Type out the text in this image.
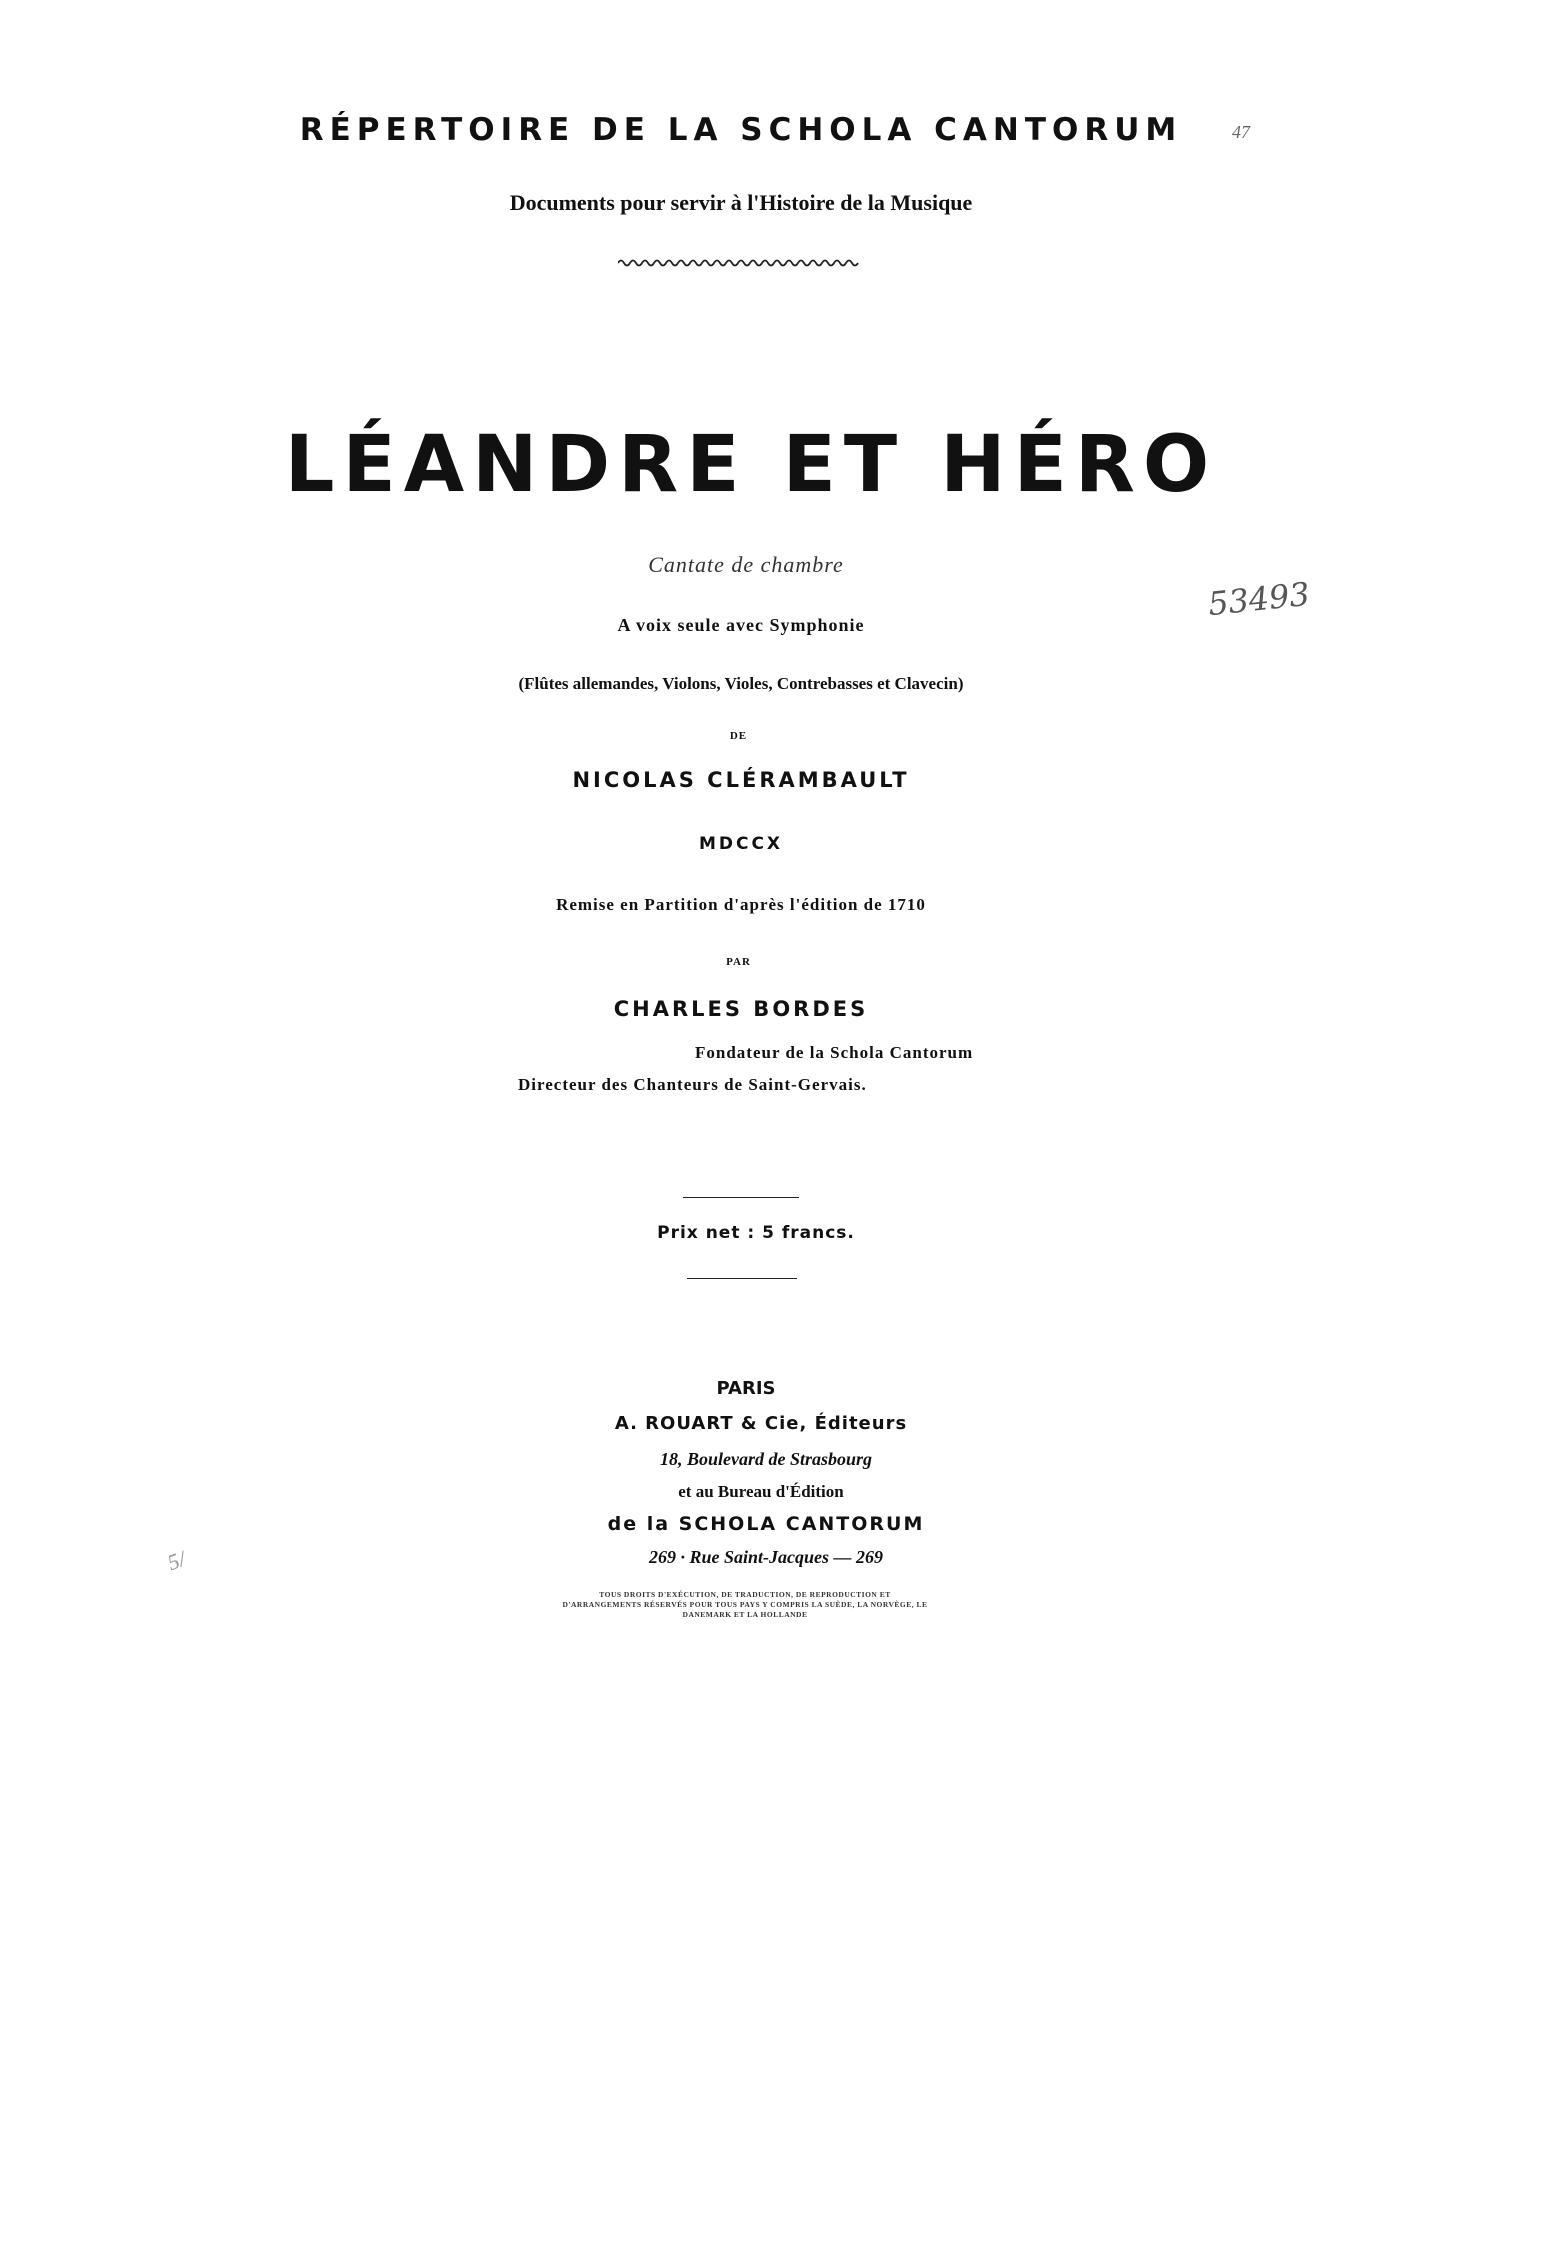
RÉPERTOIRE DE LA SCHOLA CANTORUM
Documents pour servir à l'Histoire de la Musique
LÉANDRE ET HÉRO
Cantate de chambre
A voix seule avec Symphonie
(Flûtes allemandes, Violons, Violes, Contrebasses et Clavecin)
DE
NICOLAS CLÉRAMBAULT
MDCCX
Remise en Partition d'après l'édition de 1710
PAR
CHARLES BORDES
Fondateur de la Schola Cantorum
Directeur des Chanteurs de Saint-Gervais.
Prix net : 5 francs.
PARIS
A. ROUART & Cie, Éditeurs
18, Boulevard de Strasbourg
et au Bureau d'Édition
de la SCHOLA CANTORUM
269 · Rue Saint-Jacques — 269
TOUS DROITS D'EXÉCUTION, DE TRADUCTION, DE REPRODUCTION ET D'ARRANGEMENTS RÉSERVÉS POUR TOUS PAYS Y COMPRIS LA SUÈDE, LA NORVÈGE, LE DANEMARK ET LA HOLLANDE
53493
47
5/
